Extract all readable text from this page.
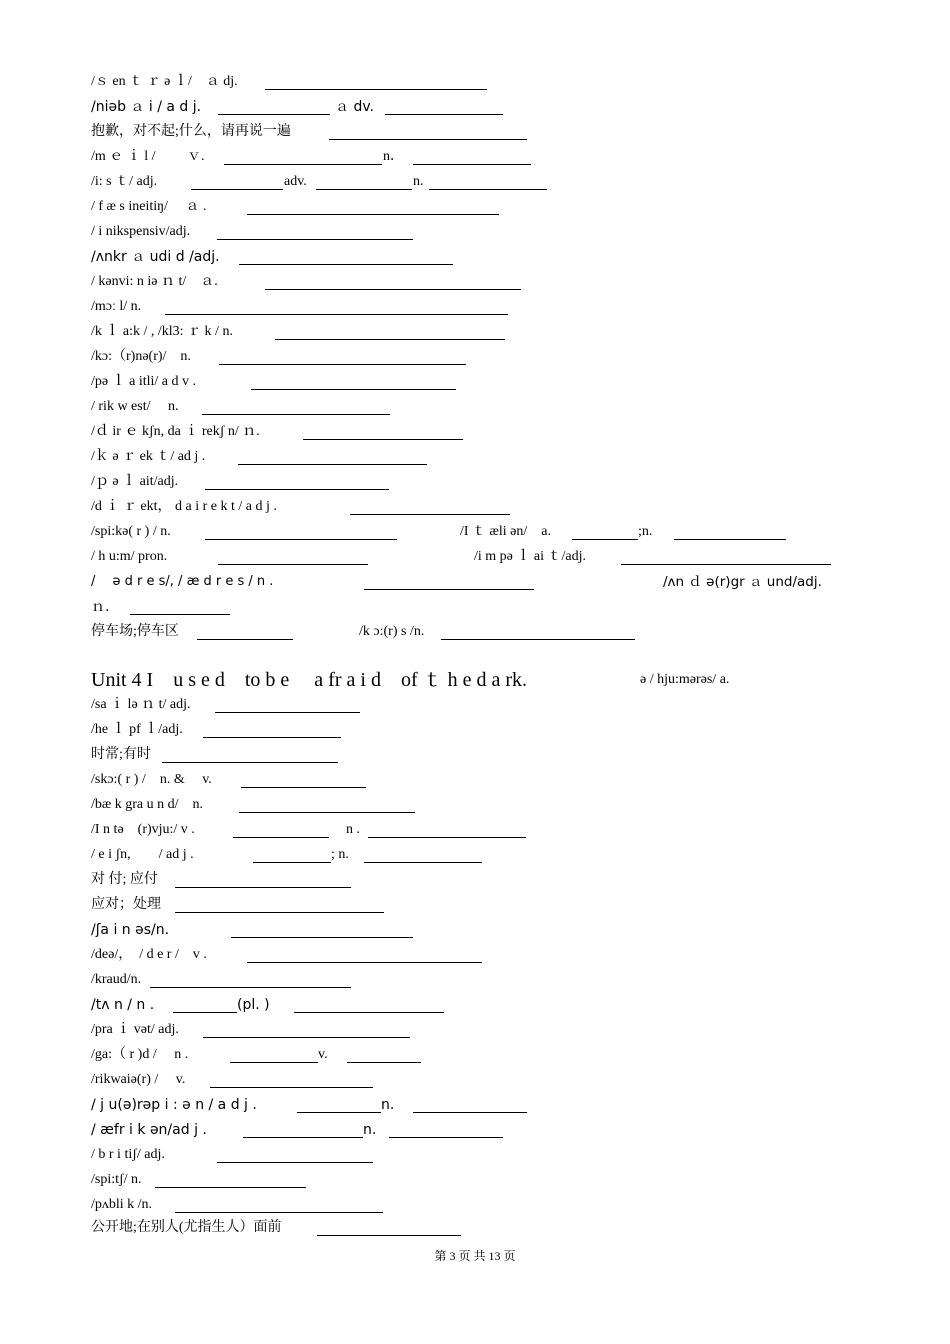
/ｓ en ｔ ｒ ə ｌ/　ａ dj.
/niəb ａ i / a d j.	ａ dv.
抱歉，对不起;什么，请再说一遍
/m ｅ ｉ l /　 　ｖ.	n．
/i: s ｔ/ adj.	adv.	n.
/ f æ s ineitiŋ/　 ａ .
/ i nikspensiv/adj.
/ʌnkr ａ udi d /adj.
/ kənvi: n iə ｎ t/　ａ.
/mɔː l/ n.
/k ｌ a:k / , /kl3: ｒ k / n.
/kɔ:（r)nə(r)/　n.
/pə ｌ a itli/ a d v .
/ rik w est/　 n.
/ｄ ir ｅ kʃn, da ｉ rekʃ n/ ｎ.
/ｋ ə ｒ ek ｔ/ ad j .
/ｐ ə ｌ ait/adj.
/d ｉ ｒ ekt， d a i r e k t / a d j .
/spi:kə( r ) / n.	/I ｔ æli ən/　a.	;n.
/ h u:m/ pron.	/i m pə ｌ ai ｔ/adj.
/　 ə d r e s/, / æ d r e s / n .	/ʌn ｄ ə(r)gr ａ und/adj.
ｎ.
停车场;停车区	/k ɔ:(r) s /n.
Unit 4 I　u s e d　to b e　 a fr a i d　of ｔ h e d a rk.	ə / hju:mərəs/ a.
/sa ｉ lə ｎ t/ adj.
/he ｌ pf ｌ/adj.
时常;有时
/skɔ:( r ) /　n. &　 v.
/bæ k gra u n d/　n.
/I n tə　(r)vju:/ v .	n .
/ e i ʃn,　　/ ad j .	; n.
对 付; 应付
应对；处理
/ʃa i n əs/n.
/deə/，　/ d e r /　v .
/kraud/n.
/tʌ n / n .	(pl. )
/pra ｉ vət/ adj.
/ga:（ r )d /　 n .	v.　
/rikwaiə(r) /　 v.
/ j u(ə)rəp i : ə n / a d j .	n.
/ æfr i k ən/ad j .	n.
/ b r i tiʃ/ adj.
/spi:tʃ/ n.
/pʌbli k /n.
公开地;在别人(尤指生人）面前
第 3 页 共 13 页
